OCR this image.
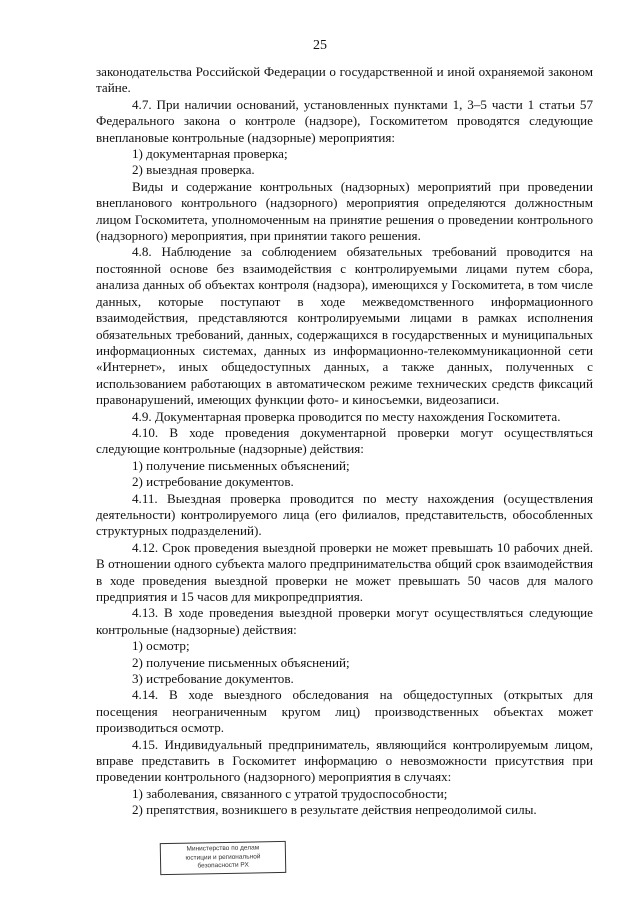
25

законодательства Российской Федерации о государственной и иной охраняемой законом тайне.

4.7. При наличии оснований, установленных пунктами 1, 3–5 части 1 статьи 57 Федерального закона о контроле (надзоре), Госкомитетом проводятся следующие внеплановые контрольные (надзорные) мероприятия:

1) документарная проверка;

2) выездная проверка.

Виды и содержание контрольных (надзорных) мероприятий при проведении внепланового контрольного (надзорного) мероприятия определяются должностным лицом Госкомитета, уполномоченным на принятие решения о проведении контрольного (надзорного) мероприятия, при принятии такого решения.

4.8. Наблюдение за соблюдением обязательных требований проводится на постоянной основе без взаимодействия с контролируемыми лицами путем сбора, анализа данных об объектах контроля (надзора), имеющихся у Госкомитета, в том числе данных, которые поступают в ходе межведомственного информационного взаимодействия, представляются контролируемыми лицами в рамках исполнения обязательных требований, данных, содержащихся в государственных и муниципальных информационных системах, данных из информационно-телекоммуникационной сети «Интернет», иных общедоступных данных, а также данных, полученных с использованием работающих в автоматическом режиме технических средств фиксаций правонарушений, имеющих функции фото- и киносъемки, видеозаписи.

4.9. Документарная проверка проводится по месту нахождения Госкомитета.

4.10. В ходе проведения документарной проверки могут осуществляться следующие контрольные (надзорные) действия:

1) получение письменных объяснений;

2) истребование документов.

4.11. Выездная проверка проводится по месту нахождения (осуществления деятельности) контролируемого лица (его филиалов, представительств, обособленных структурных подразделений).

4.12. Срок проведения выездной проверки не может превышать 10 рабочих дней. В отношении одного субъекта малого предпринимательства общий срок взаимодействия в ходе проведения выездной проверки не может превышать 50 часов для малого предприятия и 15 часов для микропредприятия.

4.13. В ходе проведения выездной проверки могут осуществляться следующие контрольные (надзорные) действия:

1) осмотр;

2) получение письменных объяснений;

3) истребование документов.

4.14. В ходе выездного обследования на общедоступных (открытых для посещения неограниченным кругом лиц) производственных объектах может производиться осмотр.

4.15. Индивидуальный предприниматель, являющийся контролируемым лицом, вправе представить в Госкомитет информацию о невозможности присутствия при проведении контрольного (надзорного) мероприятия в случаях:

1) заболевания, связанного с утратой трудоспособности;

2) препятствия, возникшего в результате действия непреодолимой силы.

Министерство по делам
юстиции и региональной
безопасности РХ
